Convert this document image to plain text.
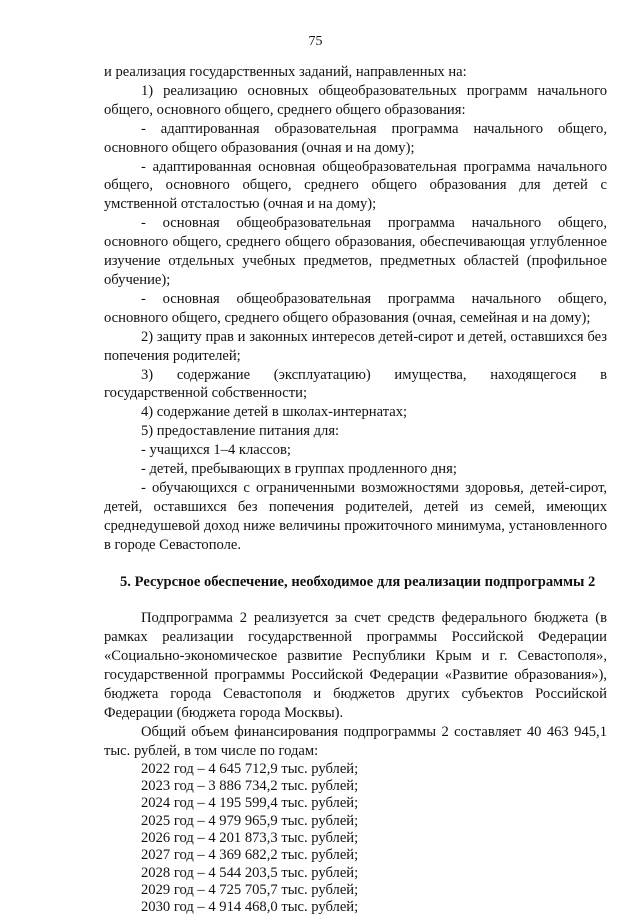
75

и реализация государственных заданий, направленных на:

1) реализацию основных общеобразовательных программ начального общего, основного общего, среднего общего образования:

- адаптированная образовательная программа начального общего, основного общего образования (очная и на дому);

- адаптированная основная общеобразовательная программа начального общего, основного общего, среднего общего образования для детей с умственной отсталостью (очная и на дому);

- основная общеобразовательная программа начального общего, основного общего, среднего общего образования, обеспечивающая углубленное изучение отдельных учебных предметов, предметных областей (профильное обучение);

- основная общеобразовательная программа начального общего, основного общего, среднего общего образования (очная, семейная и на дому);

2) защиту прав и законных интересов детей-сирот и детей, оставшихся без попечения родителей;

3) содержание (эксплуатацию) имущества, находящегося в государственной собственности;

4) содержание детей в школах-интернатах;

5) предоставление питания для:

- учащихся 1–4 классов;

- детей, пребывающих в группах продленного дня;

- обучающихся с ограниченными возможностями здоровья, детей-сирот, детей, оставшихся без попечения родителей, детей из семей, имеющих среднедушевой доход ниже величины прожиточного минимума, установленного в городе Севастополе.

5. Ресурсное обеспечение, необходимое для реализации подпрограммы 2

Подпрограмма 2 реализуется за счет средств федерального бюджета (в рамках реализации государственной программы Российской Федерации «Социально-экономическое развитие Республики Крым и г. Севастополя», государственной программы Российской Федерации «Развитие образования»), бюджета города Севастополя и бюджетов других субъектов Российской Федерации (бюджета города Москвы).

Общий объем финансирования подпрограммы 2 составляет 40 463 945,1 тыс. рублей, в том числе по годам:

2022 год – 4 645 712,9 тыс. рублей;

2023 год – 3 886 734,2 тыс. рублей;

2024 год – 4 195 599,4 тыс. рублей;

2025 год – 4 979 965,9 тыс. рублей;

2026 год – 4 201 873,3 тыс. рублей;

2027 год – 4 369 682,2 тыс. рублей;

2028 год – 4 544 203,5 тыс. рублей;

2029 год – 4 725 705,7 тыс. рублей;

2030 год – 4 914 468,0 тыс. рублей;
